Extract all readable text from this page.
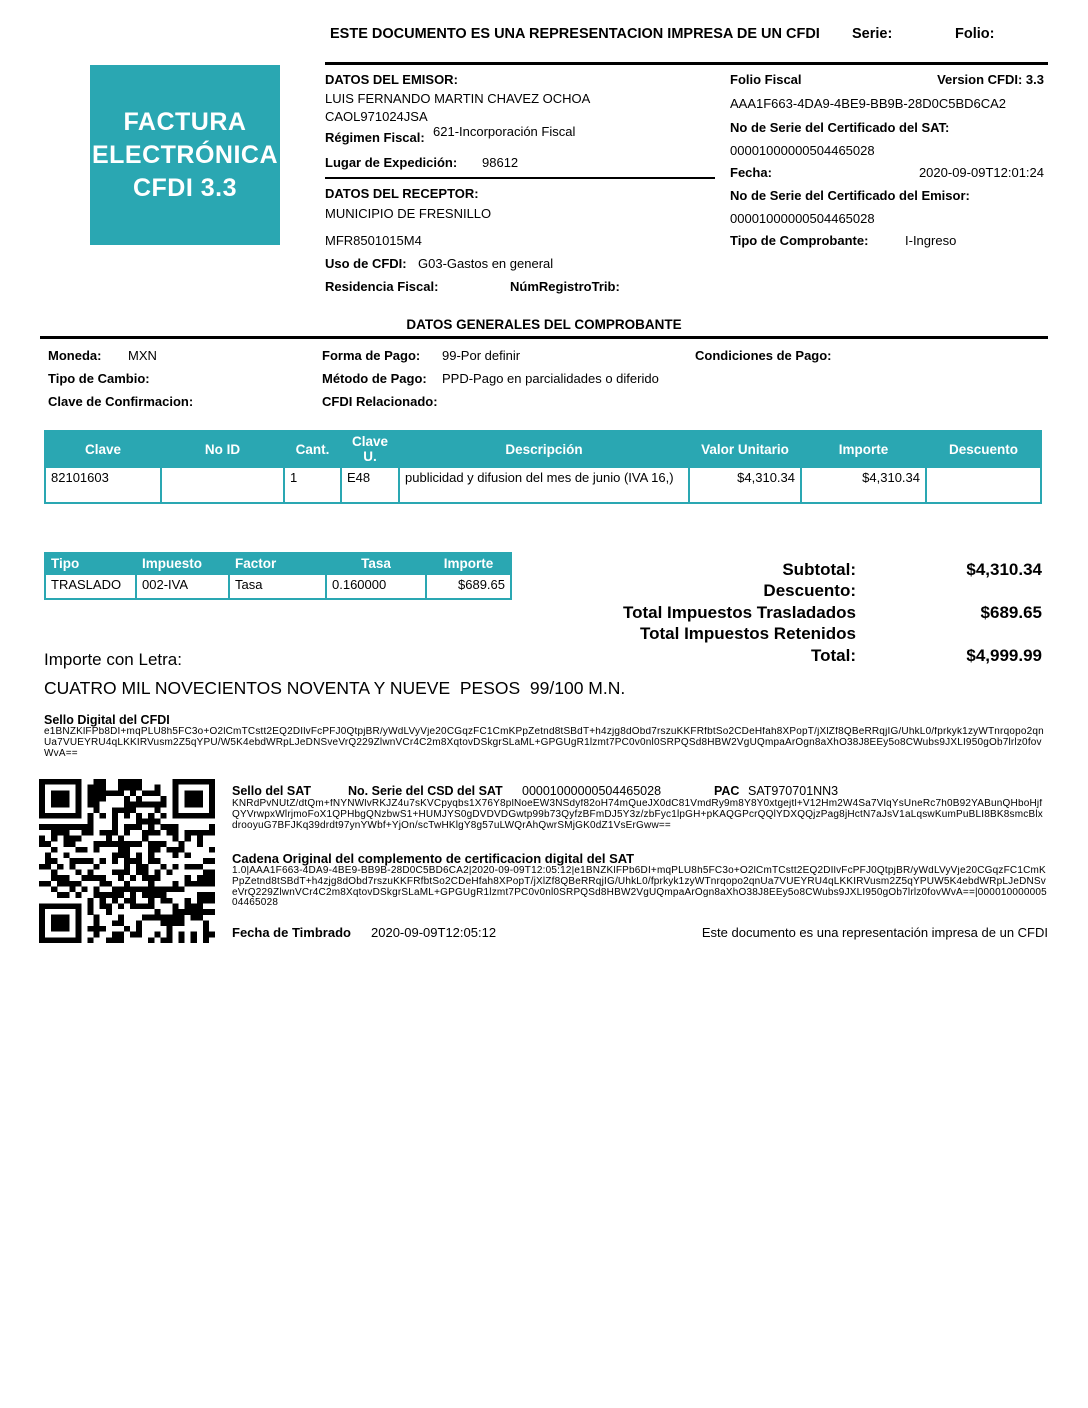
ESTE DOCUMENTO ES UNA REPRESENTACION IMPRESA DE UN CFDI Serie:	Folio:
FACTURA
ELECTRÓNICA
CFDI 3.3
DATOS DEL EMISOR:
LUIS FERNANDO MARTIN CHAVEZ OCHOA
CAOL971024JSA
Régimen Fiscal: 621-Incorporación Fiscal
Lugar de Expedición: 98612
DATOS DEL RECEPTOR:
MUNICIPIO DE FRESNILLO
MFR8501015M4
Uso de CFDI: G03-Gastos en general
Residencia Fiscal:	NúmRegistroTrib:
Folio Fiscal	Version CFDI: 3.3
AAA1F663-4DA9-4BE9-BB9B-28D0C5BD6CA2
No de Serie del Certificado del SAT:
00001000000504465028
Fecha:	2020-09-09T12:01:24
No de Serie del Certificado del Emisor:
00001000000504465028
Tipo de Comprobante:	I-Ingreso
DATOS GENERALES DEL COMPROBANTE
Moneda: MXN	Forma de Pago: 99-Por definir	Condiciones de Pago:
Tipo de Cambio:	Método de Pago: PPD-Pago en parcialidades o diferido
Clave de Confirmacion:	CFDI Relacionado:
Clave	No ID	Cant.	Clave U.	Descripción	Valor Unitario	Importe	Descuento
82101603		1	E48	publicidad y difusion del mes de junio (IVA 16,)	$4,310.34	$4,310.34	
Tipo	Impuesto	Factor	Tasa	Importe
TRASLADO	002-IVA	Tasa	0.160000	$689.65
Subtotal:	$4,310.34
Descuento:
Total Impuestos Trasladados	$689.65
Total Impuestos Retenidos
Total:	$4,999.99
Importe con Letra:
CUATRO MIL NOVECIENTOS NOVENTA Y NUEVE  PESOS  99/100 M.N.
Sello Digital del CFDI
e1BNZKlFPb8DI+mqPLU8h5FC3o+O2lCmTCstt2EQ2DIlvFcPFJ0QtpjBR/yWdLVyVje20CGqzFC1CmKPpZetnd8tSBdT+h4zjg8dObd7rszuKKFRfbtSo2CDeHfah8XPopT/jXlZf8QBeRRqjIG/UhkL0/fprkyk1zyWTnrqopo2qnUa7VUEYRU4qLKKIRVusm2Z5qYPU/W5K4ebdWRpLJeDNSveVrQ229ZlwnVCr4C2m8XqtovDSkgrSLaML+GPGUgR1lzmt7PC0v0nl0SRPQSd8HBW2VgUQmpaArOgn8aXhO38J8EEy5o8CWubs9JXLI950gOb7lrlz0fovWvA==
Sello del SAT	No. Serie del CSD del SAT 00001000000504465028	PAC SAT970701NN3
KNRdPvNUtZ/dtQm+fNYNWlvRKJZ4u7sKVCpyqbs1X76Y8plNoeEW3NSdyf82oH74mQueJX0dC81VmdRy9m8Y8Y0xtgejtl+V12Hm2W4Sa7VlqYsUneRc7h0B92YABunQHboHjfQYVrwpxWlrjmoFoX1QPHbgQNzbwS1+HUMJYS0gDVDVDGwtp99b73QyfzBFmDJ5Y3z/zbFyc1lpGH+pKAQGPcrQQlYDXQQjzPag8jHctN7aJsV1aLqswKumPuBLI8BK8smcBlxdrooyuG7BFJKq39drdt97ynYWbf+YjOn/scTwHKlgY8g57uLWQrAhQwrSMjGK0dZ1VsErGww==
Cadena Original del complemento de certificacion digital del SAT
1.0|AAA1F663-4DA9-4BE9-BB9B-28D0C5BD6CA2|2020-09-09T12:05:12|e1BNZKlFPb6DI+mqPLU8h5FC3o+O2lCmTCstt2EQ2DIlvFcPFJ0QtpjBR/yWdLVyVje20CGqzFC1CmKPpZetnd8tSBdT+h4zjg8dObd7rszuKKFRfbtSo2CDeHfah8XPopT/jXlZf8QBeRRqjIG/UhkL0/fprkyk1zyWTnrqopo2qnUa7VUEYRU4qLKKIRVusm2Z5qYPUW5K4ebdWRpLJeDNSveVrQ229ZlwnVCr4C2m8XqtovDSkgrSLaML+GPGUgR1lzmt7PC0v0nl0SRPQSd8HBW2VgUQmpaArOgn8aXhO38J8EEy5o8CWubs9JXLI950gOb7lrlz0fovWvA==|00001000000504465028
Fecha de Timbrado 2020-09-09T12:05:12	Este documento es una representación impresa de un CFDI
